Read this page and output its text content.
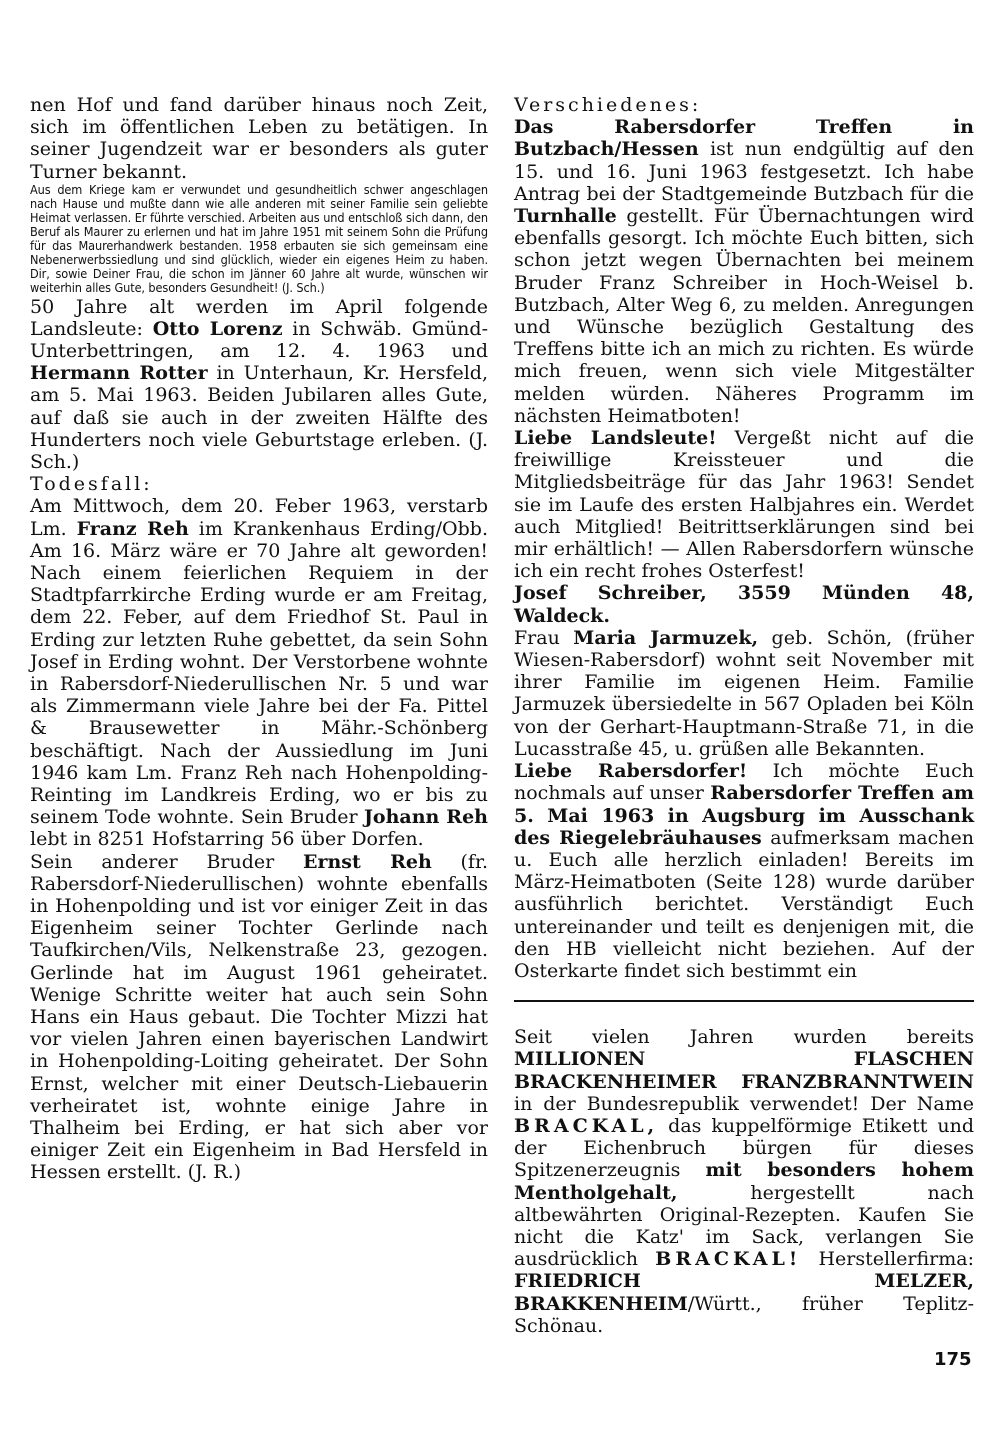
nen Hof und fand darüber hinaus noch Zeit, sich im öffentlichen Leben zu betätigen. In seiner Jugendzeit war er besonders als guter Turner bekannt.

Aus dem Kriege kam er verwundet und gesundheitlich schwer angeschlagen nach Hause und mußte dann wie alle anderen mit seiner Familie sein geliebte Heimat verlassen. Er führte verschied. Arbeiten aus und entschloß sich dann, den Beruf als Maurer zu erlernen und hat im Jahre 1951 mit seinem Sohn die Prüfung für das Maurerhandwerk bestanden. 1958 erbauten sie sich gemeinsam eine Nebenerwerbssiedlung und sind glücklich, wieder ein eigenes Heim zu haben. Dir, sowie Deiner Frau, die schon im Jänner 60 Jahre alt wurde, wünschen wir weiterhin alles Gute, besonders Gesundheit! (J. Sch.)

50 Jahre alt werden im April folgende Landsleute: Otto Lorenz in Schwäb. Gmünd-Unterbettringen, am 12. 4. 1963 und Hermann Rotter in Unterhaun, Kr. Hersfeld, am 5. Mai 1963. Beiden Jubilaren alles Gute, auf daß sie auch in der zweiten Hälfte des Hunderters noch viele Geburtstage erleben. (J. Sch.)

Todesfall:

Am Mittwoch, dem 20. Feber 1963, verstarb Lm. Franz Reh im Krankenhaus Erding/Obb. Am 16. März wäre er 70 Jahre alt geworden! Nach einem feierlichen Requiem in der Stadtpfarrkirche Erding wurde er am Freitag, dem 22. Feber, auf dem Friedhof St. Paul in Erding zur letzten Ruhe gebettet, da sein Sohn Josef in Erding wohnt. Der Verstorbene wohnte in Rabersdorf-Niederullischen Nr. 5 und war als Zimmermann viele Jahre bei der Fa. Pittel & Brausewetter in Mähr.-Schönberg beschäftigt. Nach der Aussiedlung im Juni 1946 kam Lm. Franz Reh nach Hohenpolding-Reinting im Landkreis Erding, wo er bis zu seinem Tode wohnte. Sein Bruder Johann Reh lebt in 8251 Hofstarring 56 über Dorfen.

Sein anderer Bruder Ernst Reh (fr. Rabersdorf-Niederullischen) wohnte ebenfalls in Hohenpolding und ist vor einiger Zeit in das Eigenheim seiner Tochter Gerlinde nach Taufkirchen/Vils, Nelkenstraße 23, gezogen. Gerlinde hat im August 1961 geheiratet. Wenige Schritte weiter hat auch sein Sohn Hans ein Haus gebaut. Die Tochter Mizzi hat vor vielen Jahren einen bayerischen Landwirt in Hohenpolding-Loiting geheiratet. Der Sohn Ernst, welcher mit einer Deutsch-Liebauerin verheiratet ist, wohnte einige Jahre in Thalheim bei Erding, er hat sich aber vor einiger Zeit ein Eigenheim in Bad Hersfeld in Hessen erstellt. (J. R.)

Verschiedenes:

Das Rabersdorfer Treffen in Butzbach/Hessen ist nun endgültig auf den 15. und 16. Juni 1963 festgesetzt. Ich habe Antrag bei der Stadtgemeinde Butzbach für die Turnhalle gestellt. Für Übernachtungen wird ebenfalls gesorgt. Ich möchte Euch bitten, sich schon jetzt wegen Übernachten bei meinem Bruder Franz Schreiber in Hoch-Weisel b. Butzbach, Alter Weg 6, zu melden. Anregungen und Wünsche bezüglich Gestaltung des Treffens bitte ich an mich zu richten. Es würde mich freuen, wenn sich viele Mitgestälter melden würden. Näheres Programm im nächsten Heimatboten!

Liebe Landsleute! Vergeßt nicht auf die freiwillige Kreissteuer und die Mitgliedsbeiträge für das Jahr 1963! Sendet sie im Laufe des ersten Halbjahres ein. Werdet auch Mitglied! Beitrittserklärungen sind bei mir erhältlich! — Allen Rabersdorfern wünsche ich ein recht frohes Osterfest!

Josef Schreiber, 3559 Münden 48, Waldeck.

Frau Maria Jarmuzek, geb. Schön, (früher Wiesen-Rabersdorf) wohnt seit November mit ihrer Familie im eigenen Heim. Familie Jarmuzek übersiedelte in 567 Opladen bei Köln von der Gerhart-Hauptmann-Straße 71, in die Lucasstraße 45, u. grüßen alle Bekannten.

Liebe Rabersdorfer! Ich möchte Euch nochmals auf unser Rabersdorfer Treffen am 5. Mai 1963 in Augsburg im Ausschank des Riegelebräuhauses aufmerksam machen u. Euch alle herzlich einladen! Bereits im März-Heimatboten (Seite 128) wurde darüber ausführlich berichtet. Verständigt Euch untereinander und teilt es denjenigen mit, die den HB vielleicht nicht beziehen. Auf der Osterkarte findet sich bestimmt ein

Seit vielen Jahren wurden bereits MILLIONEN FLASCHEN BRACKENHEIMER FRANZBRANNTWEIN in der Bundesrepublik verwendet! Der Name BRACKAL, das kuppelförmige Etikett und der Eichenbruch bürgen für dieses Spitzenerzeugnis mit besonders hohem Mentholgehalt, hergestellt nach altbewährten Original-Rezepten. Kaufen Sie nicht die Katz' im Sack, verlangen Sie ausdrücklich BRACKAL! Herstellerfirma: FRIEDRICH MELZER, BRAKKENHEIM/Württ., früher Teplitz-Schönau.

175
